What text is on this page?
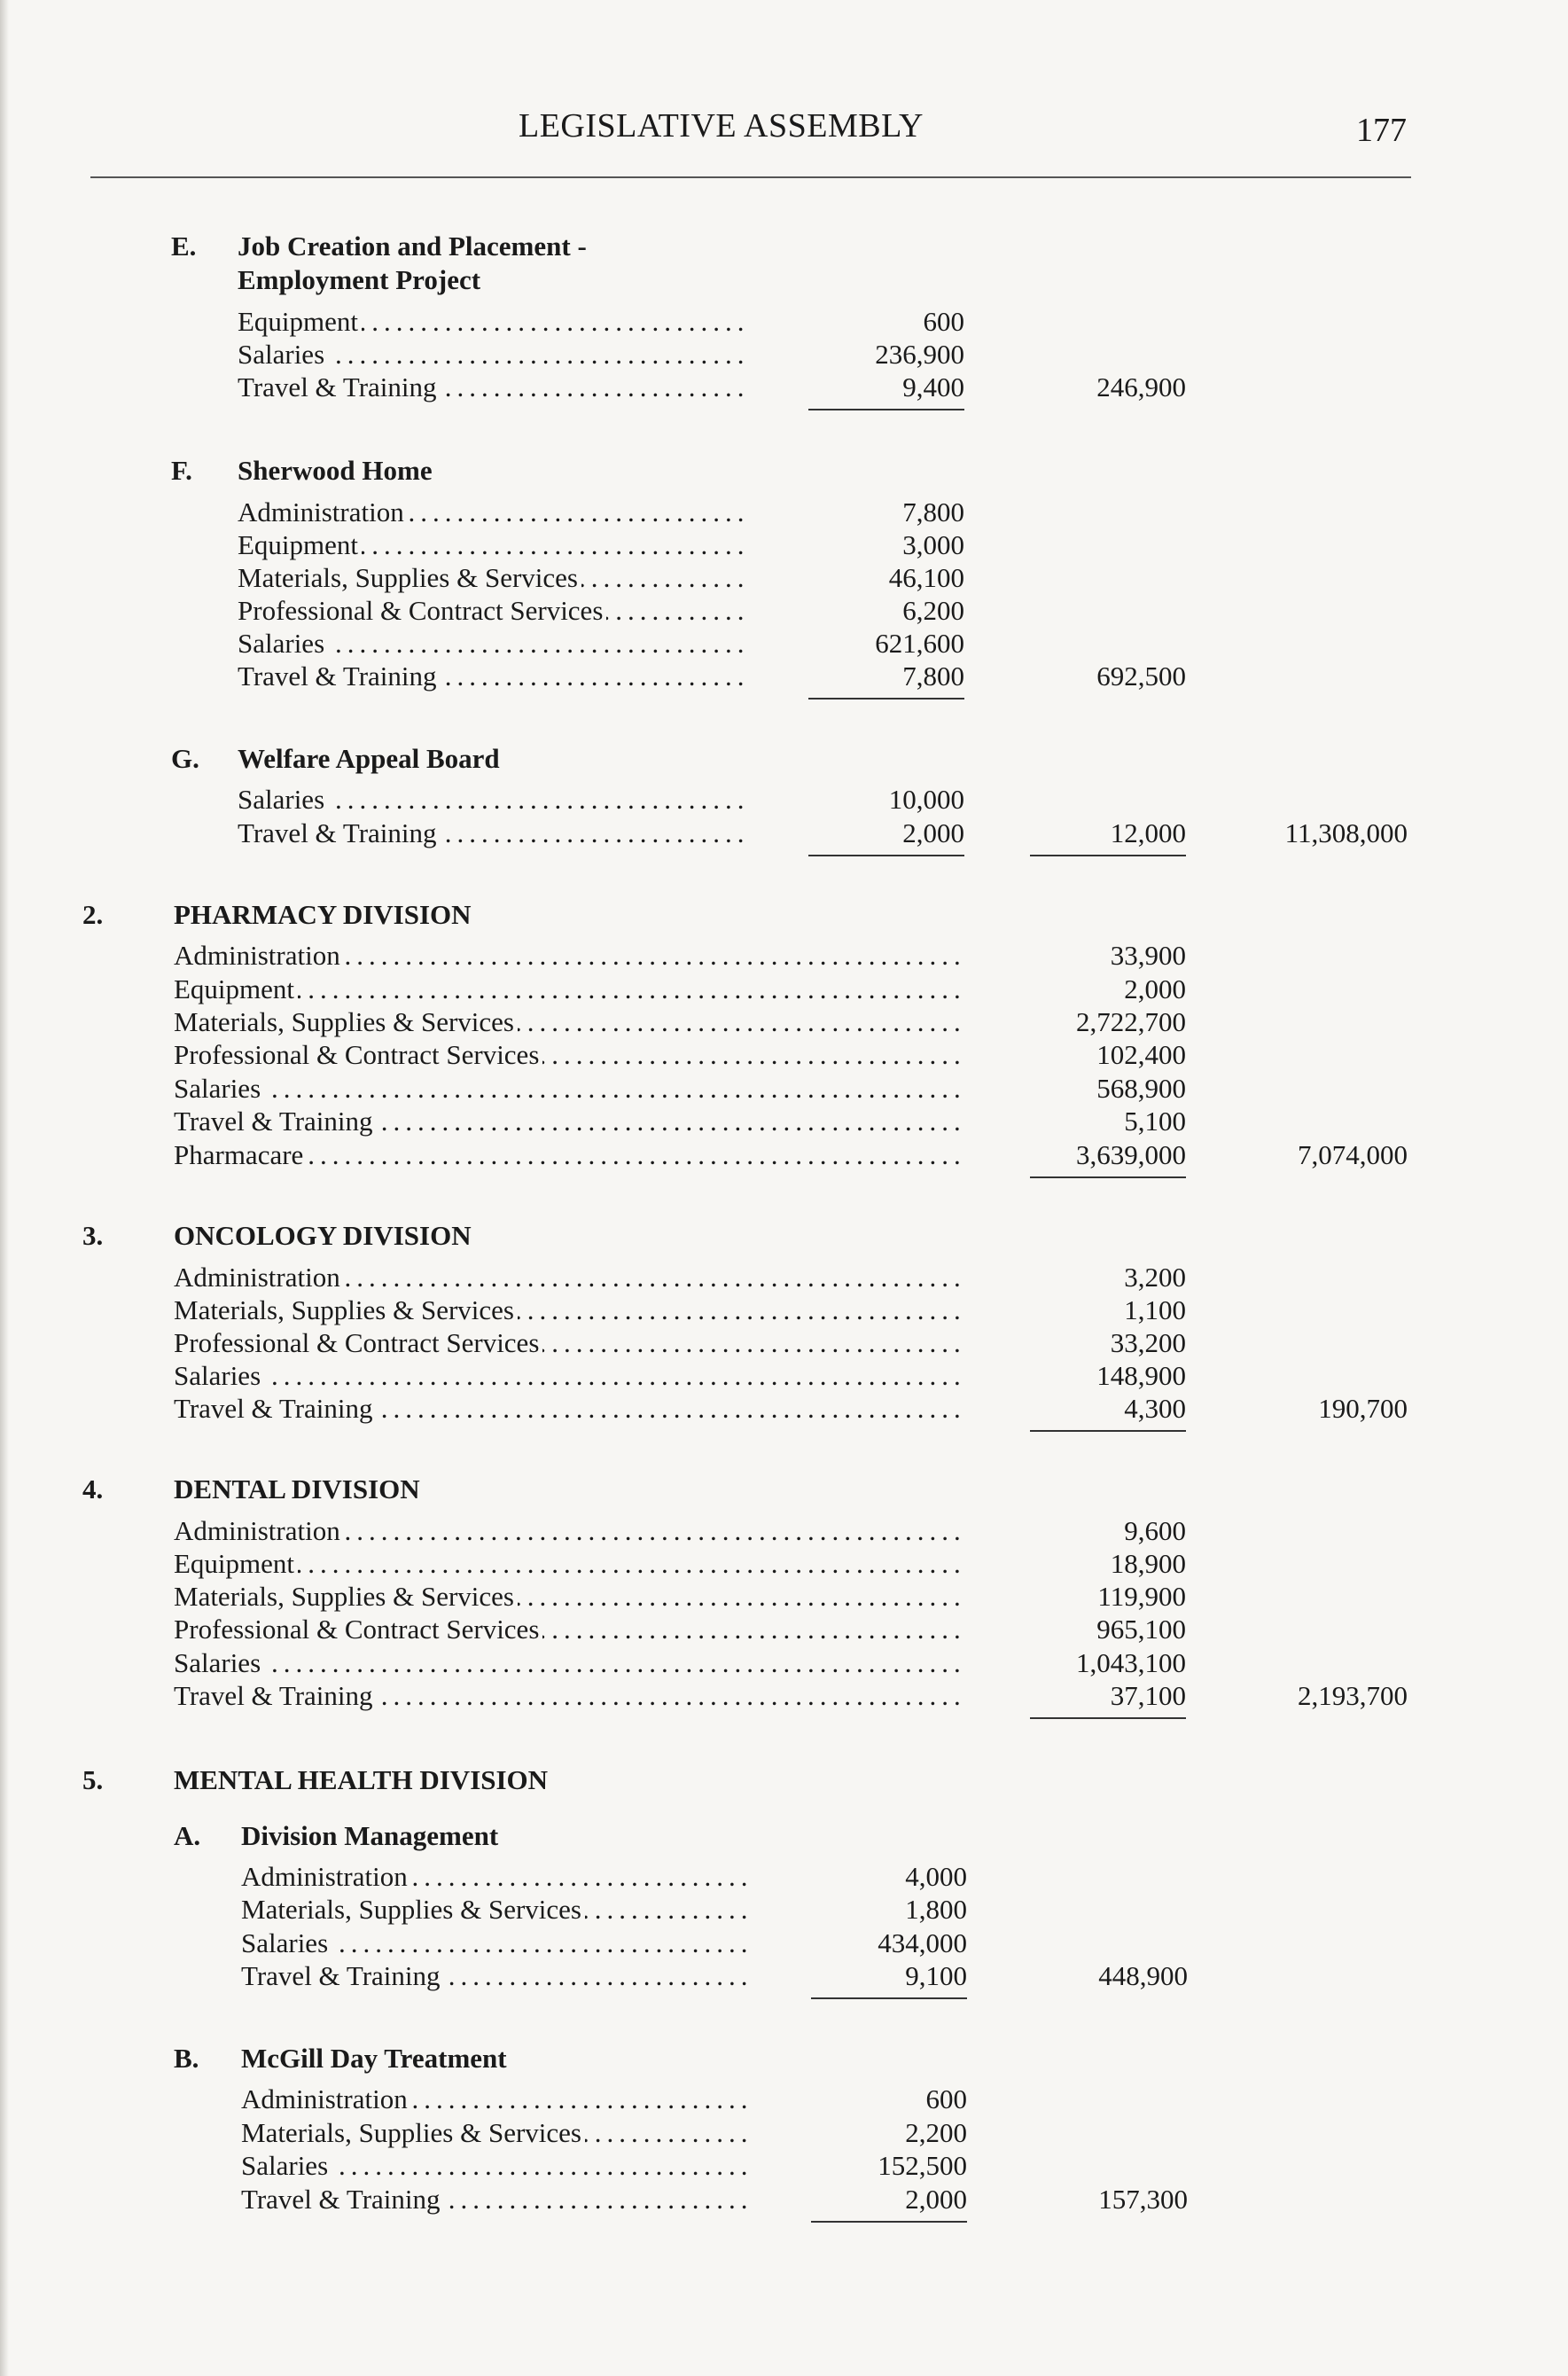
LEGISLATIVE ASSEMBLY	177
E. Job Creation and Placement -
Employment Project
Equipment .....	600
Salaries .....	236,900
Travel & Training .....	9,400	246,900
F. Sherwood Home
Administration .....	7,800
Equipment .....	3,000
Materials, Supplies & Services .....	46,100
Professional & Contract Services .....	6,200
Salaries .....	621,600
Travel & Training .....	7,800	692,500
G. Welfare Appeal Board
Salaries .....	10,000
Travel & Training .....	2,000	12,000	11,308,000
2.	PHARMACY DIVISION
Administration .....	33,900
Equipment .....	2,000
Materials, Supplies & Services .....	2,722,700
Professional & Contract Services .....	102,400
Salaries .....	568,900
Travel & Training .....	5,100
Pharmacare .....	3,639,000	7,074,000
3.	ONCOLOGY DIVISION
Administration .....	3,200
Materials, Supplies & Services .....	1,100
Professional & Contract Services .....	33,200
Salaries .....	148,900
Travel & Training .....	4,300	190,700
4.	DENTAL DIVISION
Administration .....	9,600
Equipment .....	18,900
Materials, Supplies & Services .....	119,900
Professional & Contract Services .....	965,100
Salaries .....	1,043,100
Travel & Training .....	37,100	2,193,700
5.	MENTAL HEALTH DIVISION
A. Division Management
Administration .....	4,000
Materials, Supplies & Services .....	1,800
Salaries .....	434,000
Travel & Training .....	9,100	448,900
B. McGill Day Treatment
Administration .....	600
Materials, Supplies & Services .....	2,200
Salaries .....	152,500
Travel & Training .....	2,000	157,300
